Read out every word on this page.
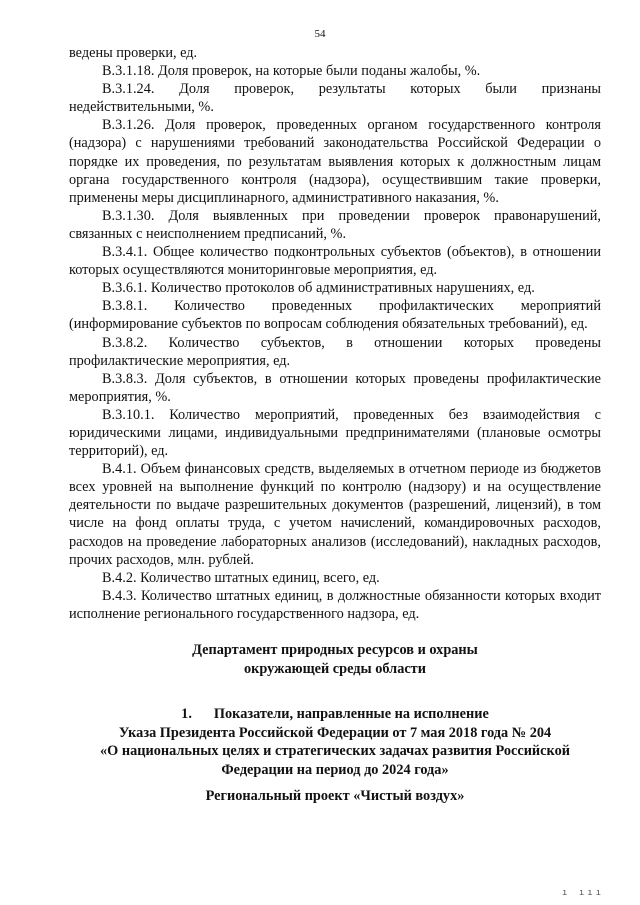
54

ведены проверки, ед.

В.3.1.18. Доля проверок, на которые были поданы жалобы, %.

В.3.1.24. Доля проверок, результаты которых были признаны недействительными, %.

В.3.1.26. Доля проверок, проведенных органом государственного контроля (надзора) с нарушениями требований законодательства Российской Федерации о порядке их проведения, по результатам выявления которых к должностным лицам органа государственного контроля (надзора), осуществившим такие проверки, применены меры дисциплинарного, административного наказания, %.

В.3.1.30. Доля выявленных при проведении проверок правонарушений, связанных с неисполнением предписаний, %.

В.3.4.1. Общее количество подконтрольных субъектов (объектов), в отношении которых осуществляются мониторинговые мероприятия, ед.

В.3.6.1. Количество протоколов об административных нарушениях, ед.

В.3.8.1. Количество проведенных профилактических мероприятий (информирование субъектов по вопросам соблюдения обязательных требований), ед.

В.3.8.2. Количество субъектов, в отношении которых проведены профилактические мероприятия, ед.

В.3.8.3. Доля субъектов, в отношении которых проведены профилактические мероприятия, %.

В.3.10.1. Количество мероприятий, проведенных без взаимодействия с юридическими лицами, индивидуальными предпринимателями (плановые осмотры территорий), ед.

В.4.1. Объем финансовых средств, выделяемых в отчетном периоде из бюджетов всех уровней на выполнение функций по контролю (надзору) и на осуществление деятельности по выдаче разрешительных документов (разрешений, лицензий), в том числе на фонд оплаты труда, с учетом начислений, командировочных расходов, расходов на проведение лабораторных анализов (исследований), накладных расходов, прочих расходов, млн. рублей.

В.4.2. Количество штатных единиц, всего, ед.

В.4.3. Количество штатных единиц, в должностные обязанности которых входит исполнение регионального государственного надзора, ед.

Департамент природных ресурсов и охраны
окружающей среды области
1. Показатели, направленные на исполнение
Указа Президента Российской Федерации от 7 мая 2018 года № 204
«О национальных целях и стратегических задачах развития Российской Федерации на период до 2024 года»
Региональный проект «Чистый воздух»
ı ııı
